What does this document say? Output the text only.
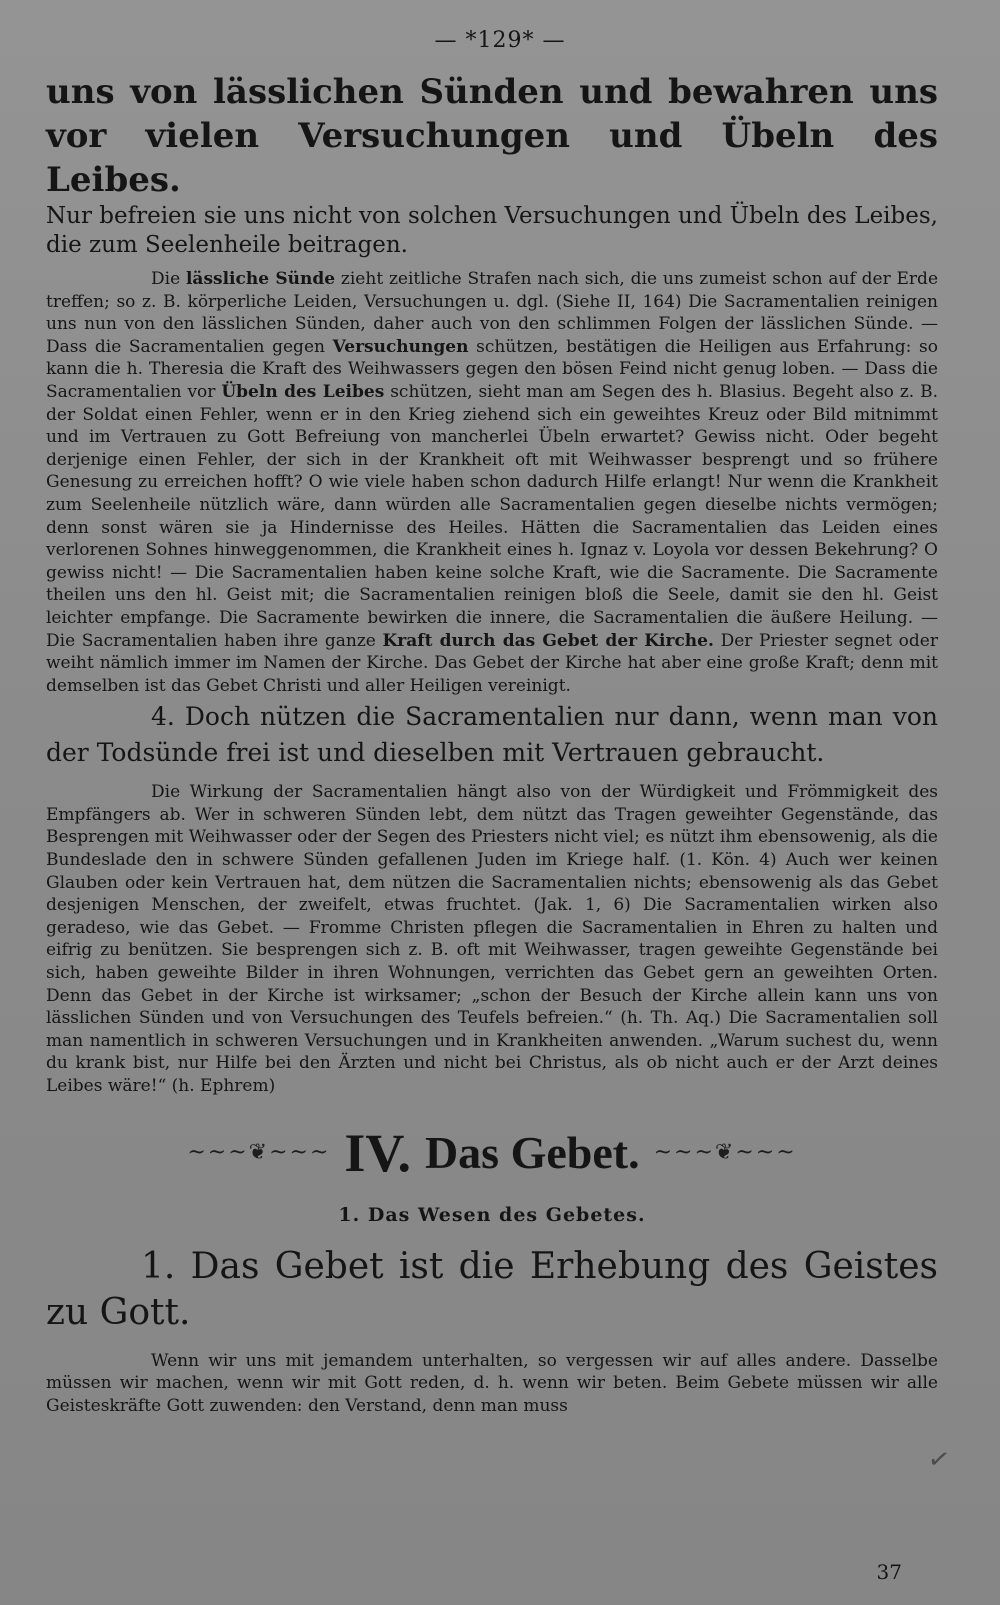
— *129* —

uns von lässlichen Sünden und bewahren uns vor vielen Versuchungen und Übeln des Leibes.

Nur befreien sie uns nicht von solchen Versuchungen und Übeln des Leibes, die zum Seelenheile beitragen.

Die lässliche Sünde zieht zeitliche Strafen nach sich, die uns zumeist schon auf der Erde treffen; so z. B. körperliche Leiden, Versuchungen u. dgl. (Siehe II, 164) Die Sacramentalien reinigen uns nun von den lässlichen Sünden, daher auch von den schlimmen Folgen der lässlichen Sünde. — Dass die Sacramentalien gegen Versuchungen schützen, bestätigen die Heiligen aus Erfahrung: so kann die h. Theresia die Kraft des Weihwassers gegen den bösen Feind nicht genug loben. — Dass die Sacramentalien vor Übeln des Leibes schützen, sieht man am Segen des h. Blasius. Begeht also z. B. der Soldat einen Fehler, wenn er in den Krieg ziehend sich ein geweihtes Kreuz oder Bild mitnimmt und im Vertrauen zu Gott Befreiung von mancherlei Übeln erwartet? Gewiss nicht. Oder begeht derjenige einen Fehler, der sich in der Krankheit oft mit Weihwasser besprengt und so frühere Genesung zu erreichen hofft? O wie viele haben schon dadurch Hilfe erlangt! Nur wenn die Krankheit zum Seelenheile nützlich wäre, dann würden alle Sacramentalien gegen dieselbe nichts vermögen; denn sonst wären sie ja Hindernisse des Heiles. Hätten die Sacramentalien das Leiden eines verlorenen Sohnes hinweggenommen, die Krankheit eines h. Ignaz v. Loyola vor dessen Bekehrung? O gewiss nicht! — Die Sacramentalien haben keine solche Kraft, wie die Sacramente. Die Sacramente theilen uns den hl. Geist mit; die Sacramentalien reinigen bloß die Seele, damit sie den hl. Geist leichter empfange. Die Sacramente bewirken die innere, die Sacramentalien die äußere Heilung. — Die Sacramentalien haben ihre ganze Kraft durch das Gebet der Kirche. Der Priester segnet oder weiht nämlich immer im Namen der Kirche. Das Gebet der Kirche hat aber eine große Kraft; denn mit demselben ist das Gebet Christi und aller Heiligen vereinigt.

4. Doch nützen die Sacramentalien nur dann, wenn man von der Todsünde frei ist und dieselben mit Vertrauen gebraucht.

Die Wirkung der Sacramentalien hängt also von der Würdigkeit und Frömmigkeit des Empfängers ab. Wer in schweren Sünden lebt, dem nützt das Tragen geweihter Gegenstände, das Besprengen mit Weihwasser oder der Segen des Priesters nicht viel; es nützt ihm ebensowenig, als die Bundeslade den in schwere Sünden gefallenen Juden im Kriege half. (1. Kön. 4) Auch wer keinen Glauben oder kein Vertrauen hat, dem nützen die Sacramentalien nichts; ebensowenig als das Gebet desjenigen Menschen, der zweifelt, etwas fruchtet. (Jak. 1, 6) Die Sacramentalien wirken also geradeso, wie das Gebet. — Fromme Christen pflegen die Sacramentalien in Ehren zu halten und eifrig zu benützen. Sie besprengen sich z. B. oft mit Weihwasser, tragen geweihte Gegenstände bei sich, haben geweihte Bilder in ihren Wohnungen, verrichten das Gebet gern an geweihten Orten. Denn das Gebet in der Kirche ist wirksamer; „schon der Besuch der Kirche allein kann uns von lässlichen Sünden und von Versuchungen des Teufels befreien.“ (h. Th. Aq.) Die Sacramentalien soll man namentlich in schweren Versuchungen und in Krankheiten anwenden. „Warum suchest du, wenn du krank bist, nur Hilfe bei den Ärzten und nicht bei Christus, als ob nicht auch er der Arzt deines Leibes wäre!“ (h. Ephrem)

~~~❦~~~ IV. Das Gebet. ~~~❦~~~
1. Das Wesen des Gebetes.

1. Das Gebet ist die Erhebung des Geistes zu Gott.

Wenn wir uns mit jemandem unterhalten, so vergessen wir auf alles andere. Dasselbe müssen wir machen, wenn wir mit Gott reden, d. h. wenn wir beten. Beim Gebete müssen wir alle Geisteskräfte Gott zuwenden: den Verstand, denn man muss

✓
37
